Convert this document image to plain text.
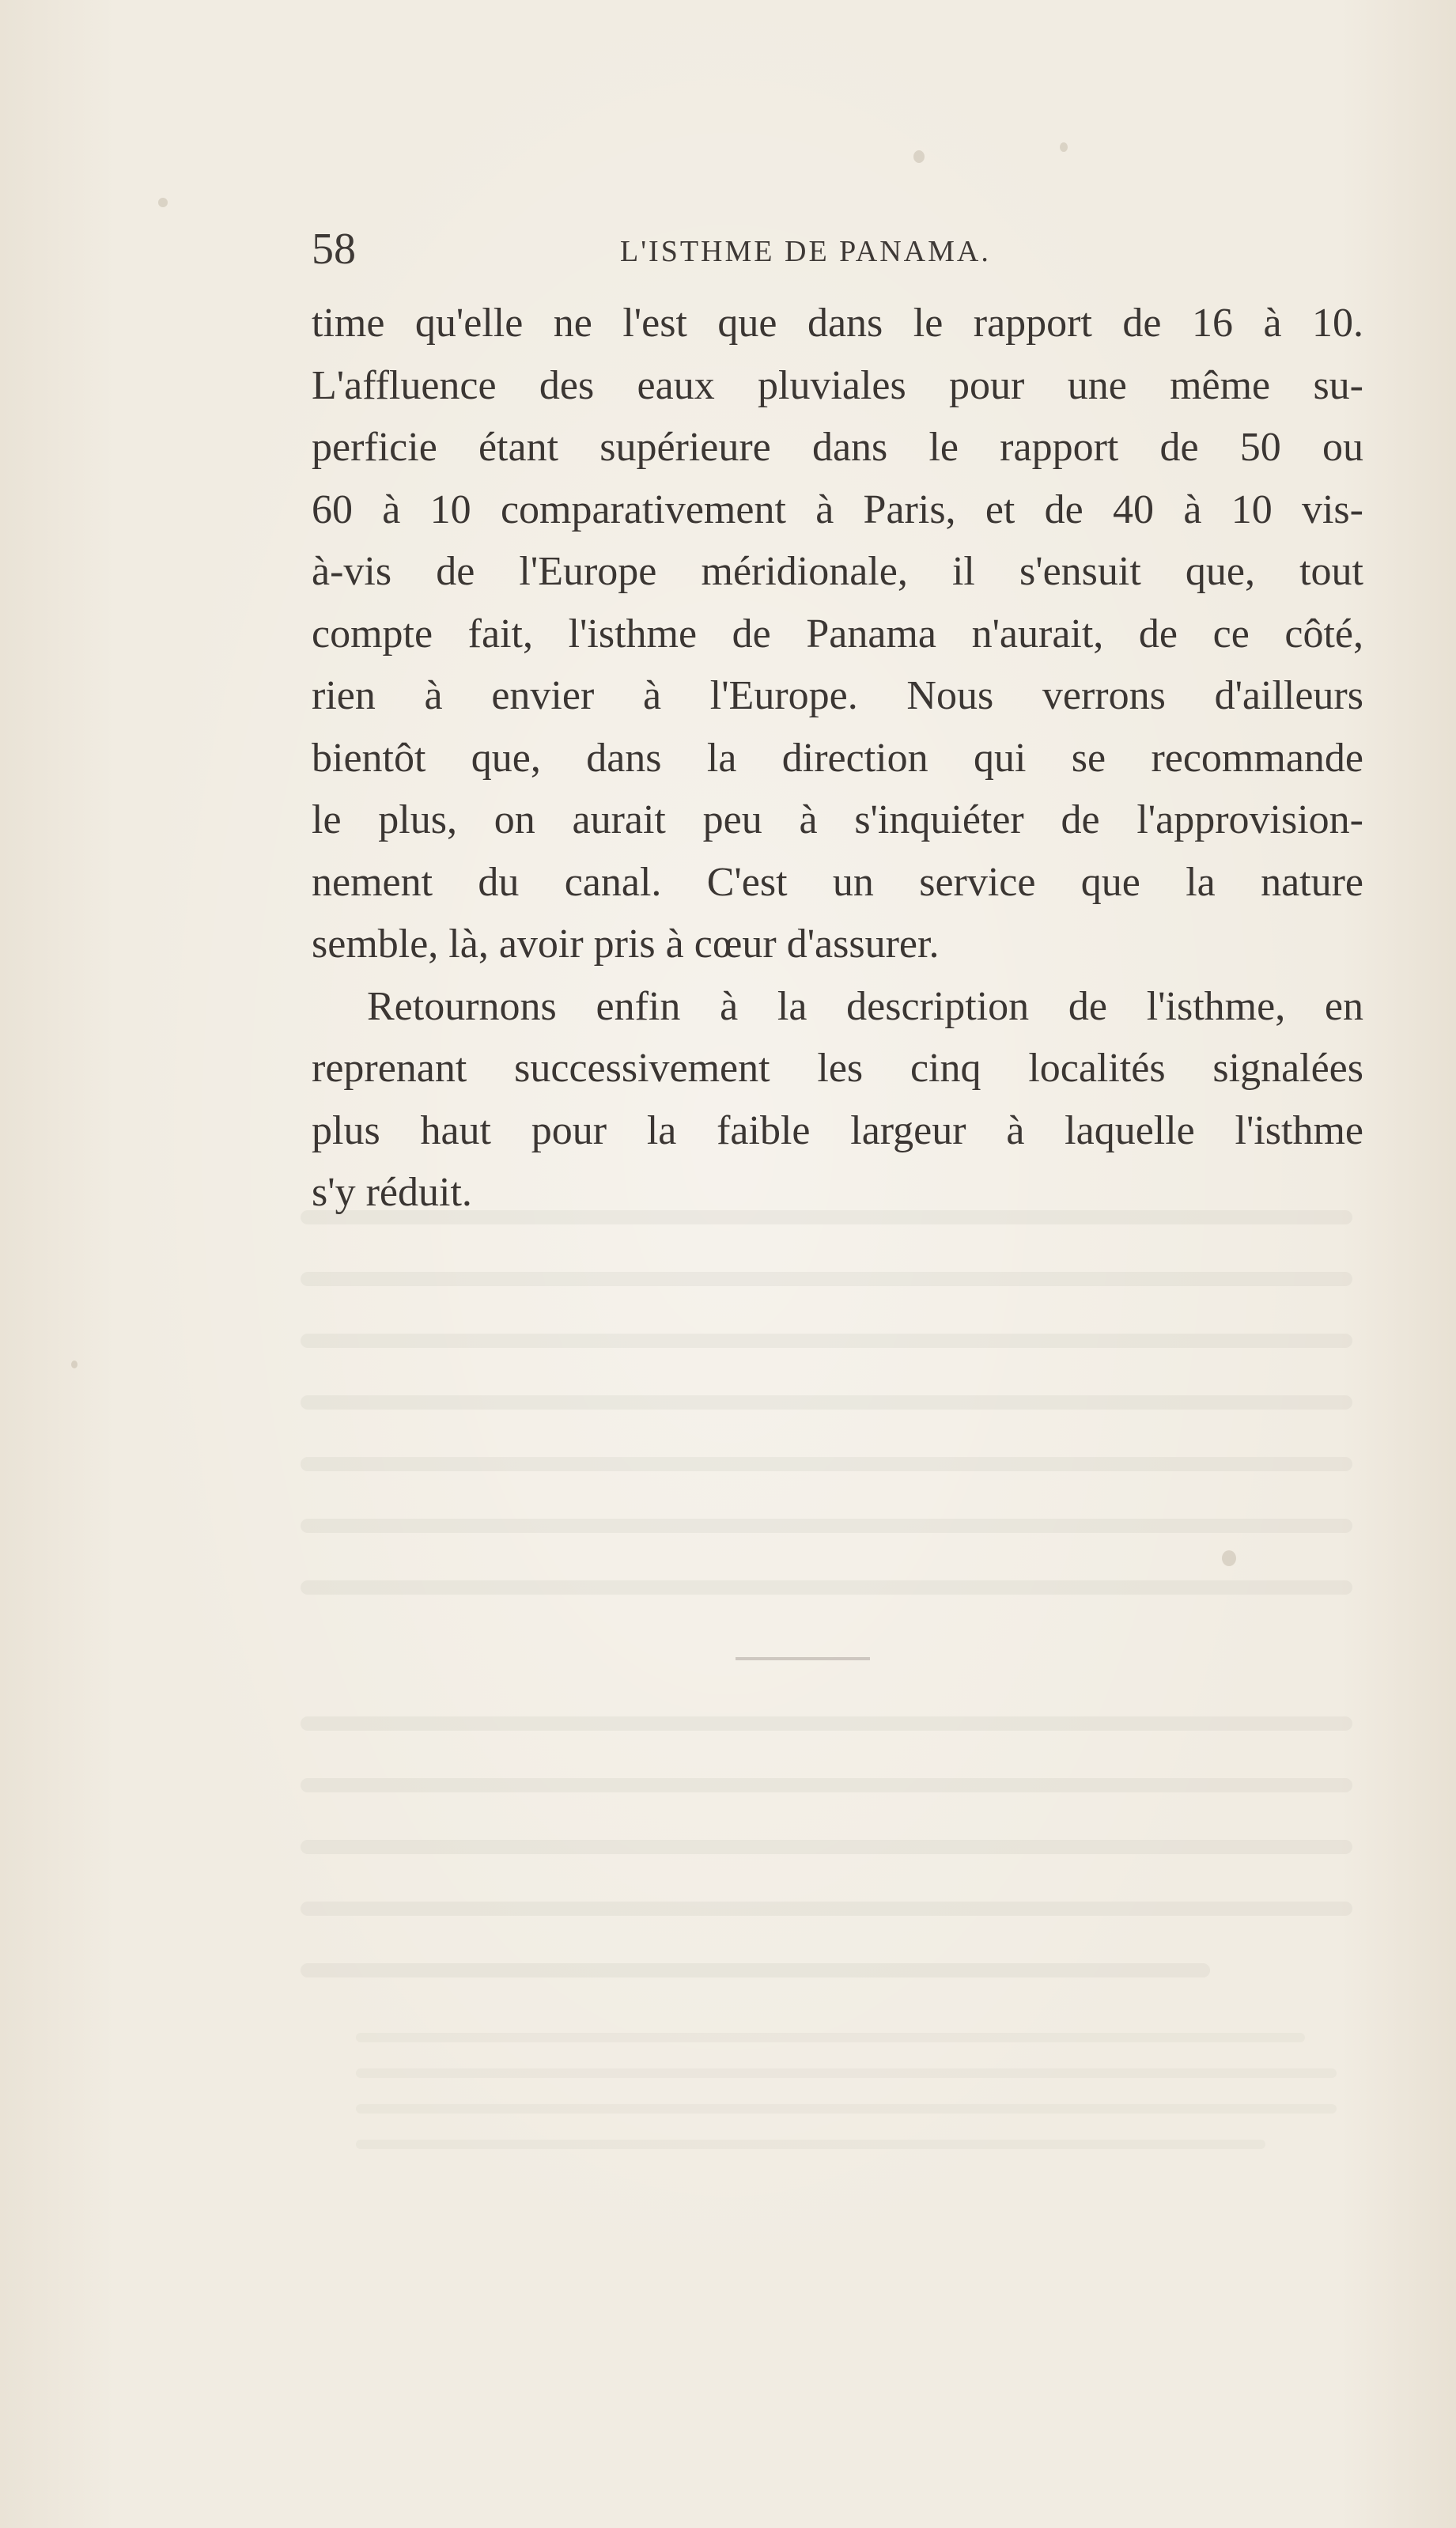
58	L'ISTHME DE PANAMA.
time qu'elle ne l'est que dans le rapport de 16 à 10.
L'affluence des eaux pluviales pour une même su-
perficie étant supérieure dans le rapport de 50 ou
60 à 10 comparativement à Paris, et de 40 à 10 vis-
à-vis de l'Europe méridionale, il s'ensuit que, tout
compte fait, l'isthme de Panama n'aurait, de ce côté,
rien à envier à l'Europe. Nous verrons d'ailleurs
bientôt que, dans la direction qui se recommande
le plus, on aurait peu à s'inquiéter de l'approvision-
nement du canal. C'est un service que la nature
semble, là, avoir pris à cœur d'assurer.
Retournons enfin à la description de l'isthme, en
reprenant successivement les cinq localités signalées
plus haut pour la faible largeur à laquelle l'isthme
s'y réduit.
